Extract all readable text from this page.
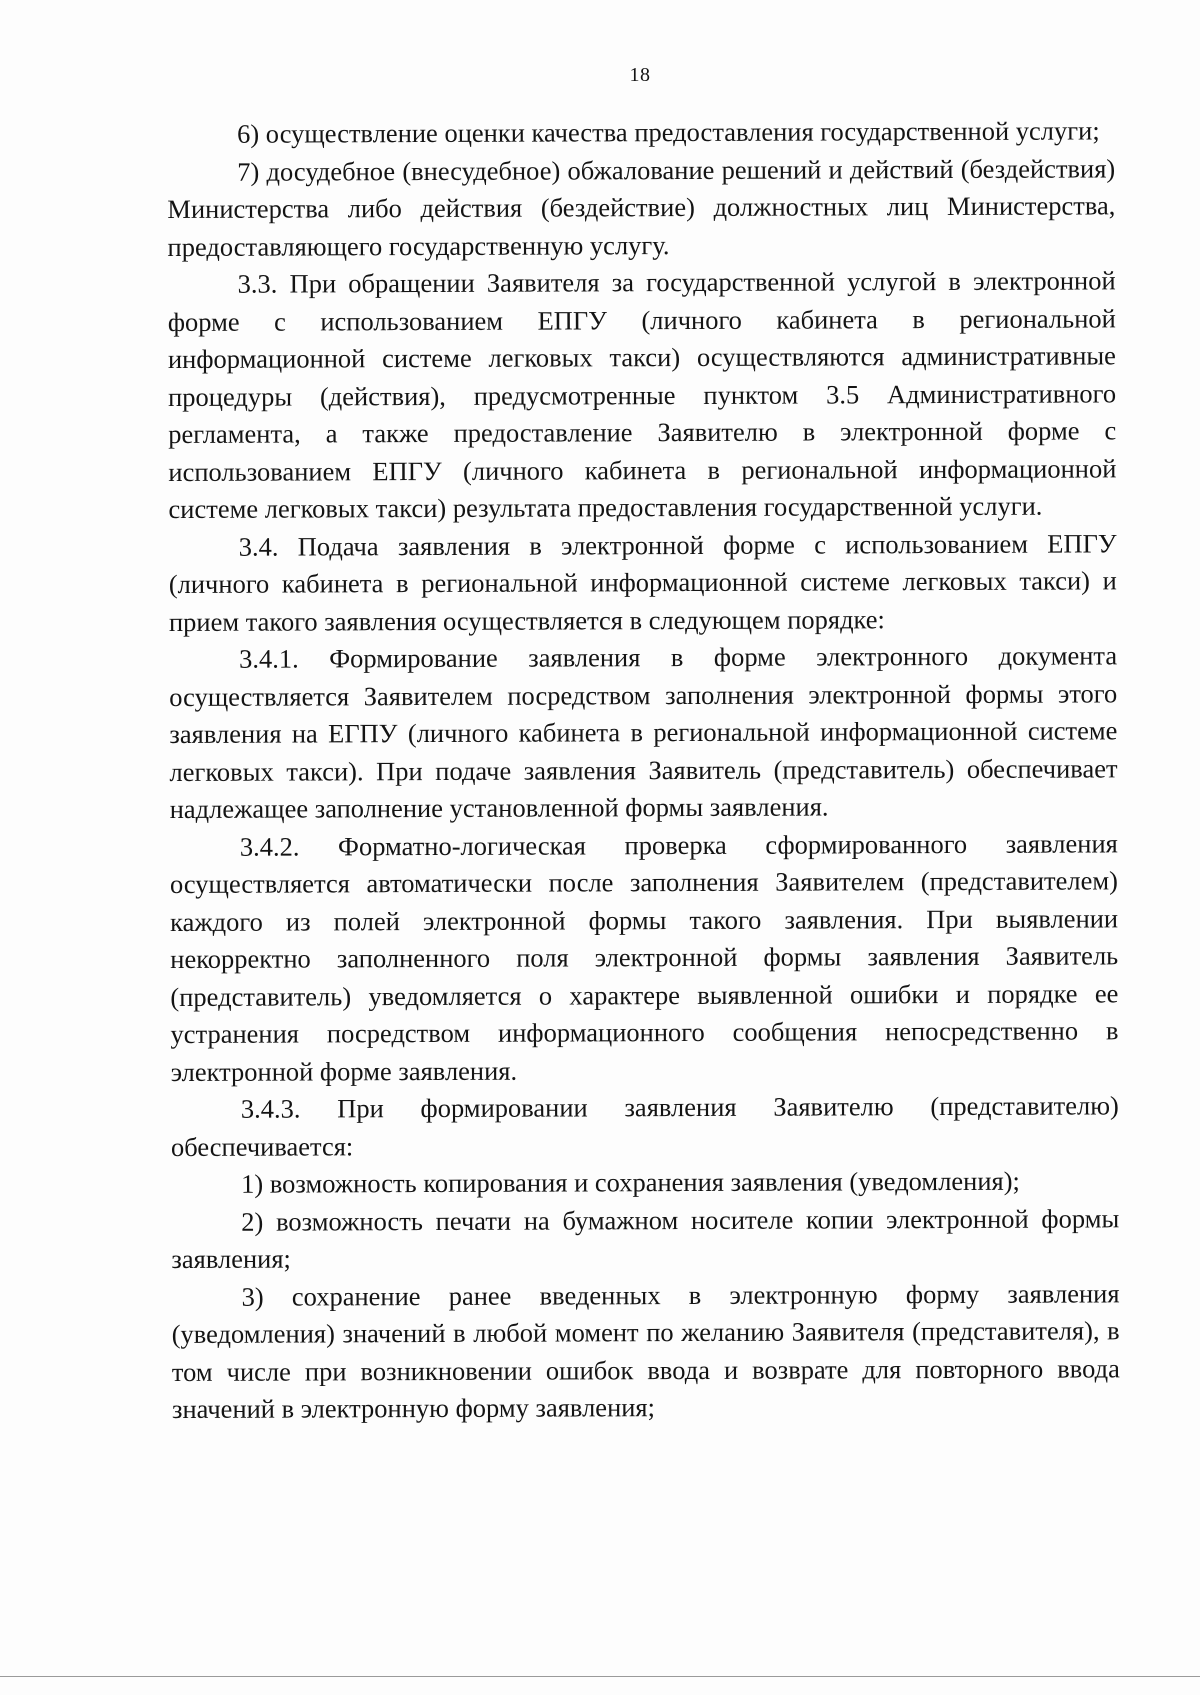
18

6) осуществление оценки качества предоставления государственной услуги;

7) досудебное (внесудебное) обжалование решений и действий (бездействия) Министерства либо действия (бездействие) должностных лиц Министерства, предоставляющего государственную услугу.

3.3. При обращении Заявителя за государственной услугой в электронной форме с использованием ЕПГУ (личного кабинета в региональной информационной системе легковых такси) осуществляются административные процедуры (действия), предусмотренные пунктом 3.5 Административного регламента, а также предоставление Заявителю в электронной форме с использованием ЕПГУ (личного кабинета в региональной информационной системе легковых такси) результата предоставления государственной услуги.

3.4. Подача заявления в электронной форме с использованием ЕПГУ (личного кабинета в региональной информационной системе легковых такси) и прием такого заявления осуществляется в следующем порядке:

3.4.1. Формирование заявления в форме электронного документа осуществляется Заявителем посредством заполнения электронной формы этого заявления на ЕГПУ (личного кабинета в региональной информационной системе легковых такси). При подаче заявления Заявитель (представитель) обеспечивает надлежащее заполнение установленной формы заявления.

3.4.2. Форматно-логическая проверка сформированного заявления осуществляется автоматически после заполнения Заявителем (представителем) каждого из полей электронной формы такого заявления. При выявлении некорректно заполненного поля электронной формы заявления Заявитель (представитель) уведомляется о характере выявленной ошибки и порядке ее устранения посредством информационного сообщения непосредственно в электронной форме заявления.

3.4.3. При формировании заявления Заявителю (представителю) обеспечивается:

1) возможность копирования и сохранения заявления (уведомления);

2) возможность печати на бумажном носителе копии электронной формы заявления;

3) сохранение ранее введенных в электронную форму заявления (уведомления) значений в любой момент по желанию Заявителя (представителя), в том числе при возникновении ошибок ввода и возврате для повторного ввода значений в электронную форму заявления;
